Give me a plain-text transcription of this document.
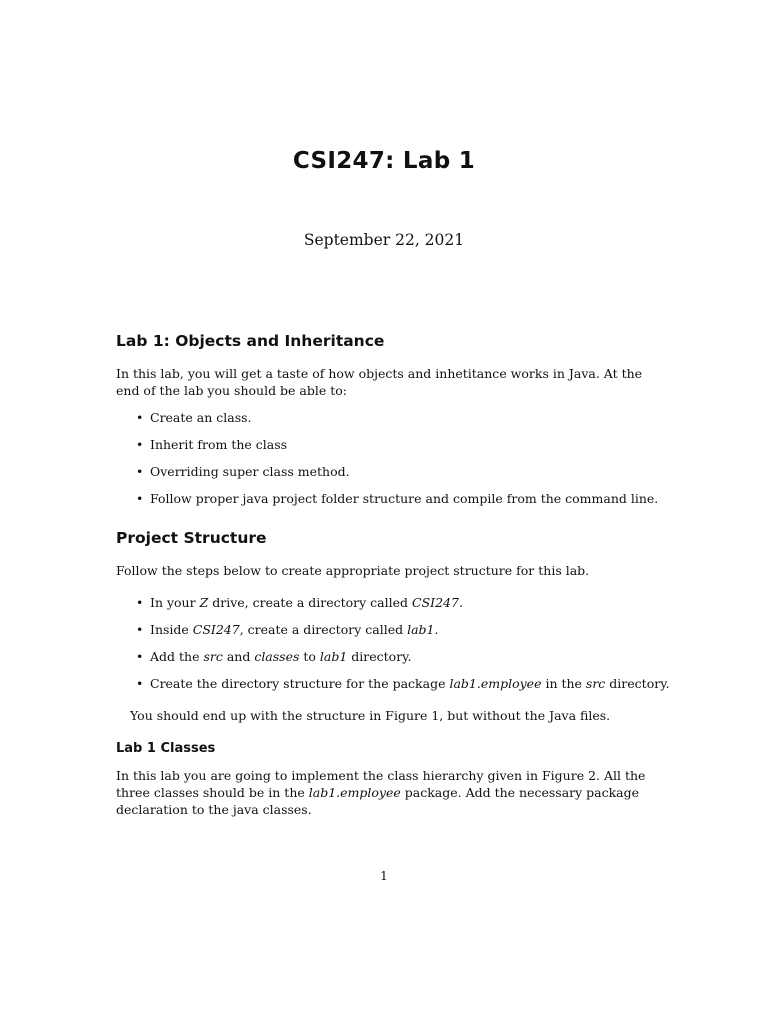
CSI247: Lab 1
September 22, 2021
Lab 1: Objects and Inheritance
In this lab, you will get a taste of how objects and inhetitance works in Java. At the end of the lab you should be able to:
• Create an class.
• Inherit from the class
• Overriding super class method.
• Follow proper java project folder structure and compile from the command line.
Project Structure
Follow the steps below to create appropriate project structure for this lab.
• In your Z drive, create a directory called CSI247.
• Inside CSI247, create a directory called lab1.
• Add the src and classes to lab1 directory.
• Create the directory structure for the package lab1.employee in the src directory.
You should end up with the structure in Figure 1, but without the Java files.
Lab 1 Classes
In this lab you are going to implement the class hierarchy given in Figure 2. All the three classes should be in the lab1.employee package. Add the necessary package declaration to the java classes.
1
